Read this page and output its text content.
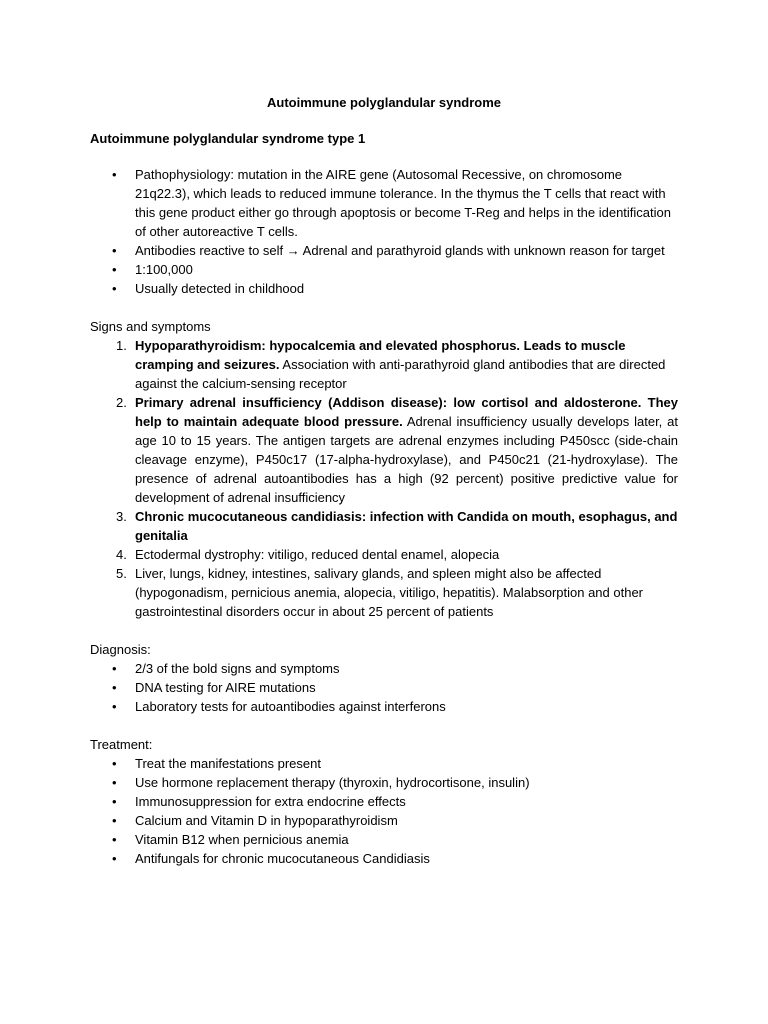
Autoimmune polyglandular syndrome
Autoimmune polyglandular syndrome type 1
• Pathophysiology: mutation in the AIRE gene (Autosomal Recessive, on chromosome 21q22.3), which leads to reduced immune tolerance. In the thymus the T cells that react with this gene product either go through apoptosis or become T-Reg and helps in the identification of other autoreactive T cells.
• Antibodies reactive to self → Adrenal and parathyroid glands with unknown reason for target
• 1:100,000
• Usually detected in childhood
Signs and symptoms
1. Hypoparathyroidism: hypocalcemia and elevated phosphorus. Leads to muscle cramping and seizures. Association with anti-parathyroid gland antibodies that are directed against the calcium-sensing receptor
2. Primary adrenal insufficiency (Addison disease): low cortisol and aldosterone. They help to maintain adequate blood pressure. Adrenal insufficiency usually develops later, at age 10 to 15 years. The antigen targets are adrenal enzymes including P450scc (side-chain cleavage enzyme), P450c17 (17-alpha-hydroxylase), and P450c21 (21-hydroxylase). The presence of adrenal autoantibodies has a high (92 percent) positive predictive value for development of adrenal insufficiency
3. Chronic mucocutaneous candidiasis: infection with Candida on mouth, esophagus, and genitalia
4. Ectodermal dystrophy: vitiligo, reduced dental enamel, alopecia
5. Liver, lungs, kidney, intestines, salivary glands, and spleen might also be affected (hypogonadism, pernicious anemia, alopecia, vitiligo, hepatitis). Malabsorption and other gastrointestinal disorders occur in about 25 percent of patients
Diagnosis:
• 2/3 of the bold signs and symptoms
• DNA testing for AIRE mutations
• Laboratory tests for autoantibodies against interferons
Treatment:
• Treat the manifestations present
• Use hormone replacement therapy (thyroxin, hydrocortisone, insulin)
• Immunosuppression for extra endocrine effects
• Calcium and Vitamin D in hypoparathyroidism
• Vitamin B12 when pernicious anemia
• Antifungals for chronic mucocutaneous Candidiasis
